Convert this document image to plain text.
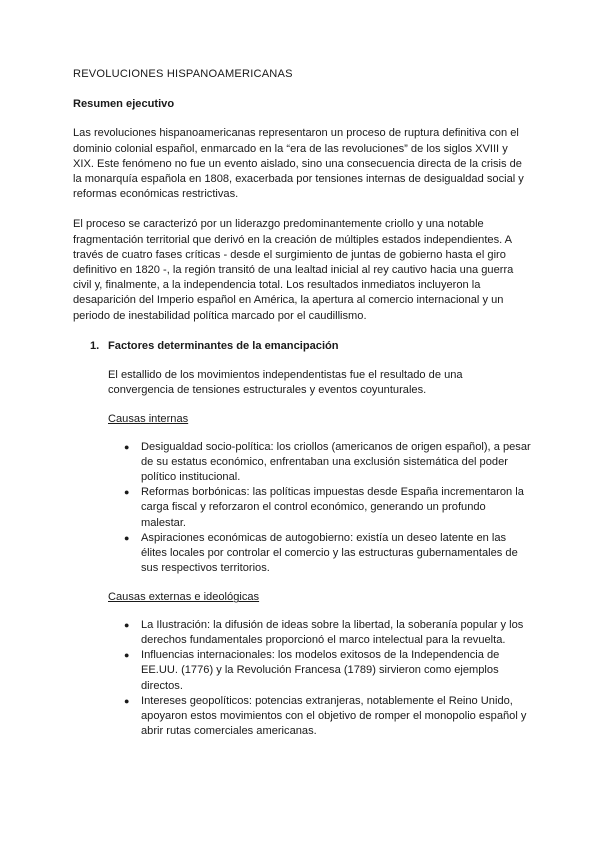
REVOLUCIONES HISPANOAMERICANAS
Resumen ejecutivo

Las revoluciones hispanoamericanas representaron un proceso de ruptura definitiva con el dominio colonial español, enmarcado en la “era de las revoluciones” de los siglos XVIII y XIX. Este fenómeno no fue un evento aislado, sino una consecuencia directa de la crisis de la monarquía española en 1808, exacerbada por tensiones internas de desigualdad social y reformas económicas restrictivas.

El proceso se caracterizó por un liderazgo predominantemente criollo y una notable fragmentación territorial que derivó en la creación de múltiples estados independientes. A través de cuatro fases críticas - desde el surgimiento de juntas de gobierno hasta el giro definitivo en 1820 -, la región transitó de una lealtad inicial al rey cautivo hacia una guerra civil y, finalmente, a la independencia total. Los resultados inmediatos incluyeron la desaparición del Imperio español en América, la apertura al comercio internacional y un periodo de inestabilidad política marcado por el caudillismo.

1. Factores determinantes de la emancipación

El estallido de los movimientos independentistas fue el resultado de una convergencia de tensiones estructurales y eventos coyunturales.

Causas internas
●	Desigualdad socio-política: los criollos (americanos de origen español), a pesar de su estatus económico, enfrentaban una exclusión sistemática del poder político institucional.
●	Reformas borbónicas: las políticas impuestas desde España incrementaron la carga fiscal y reforzaron el control económico, generando un profundo malestar.
●	Aspiraciones económicas de autogobierno: existía un deseo latente en las élites locales por controlar el comercio y las estructuras gubernamentales de sus respectivos territorios.
Causas externas e ideológicas
●	La Ilustración: la difusión de ideas sobre la libertad, la soberanía popular y los derechos fundamentales proporcionó el marco intelectual para la revuelta.
●	Influencias internacionales: los modelos exitosos de la Independencia de EE.UU. (1776) y la Revolución Francesa (1789) sirvieron como ejemplos directos.
●	Intereses geopolíticos: potencias extranjeras, notablemente el Reino Unido, apoyaron estos movimientos con el objetivo de romper el monopolio español y abrir rutas comerciales americanas.
